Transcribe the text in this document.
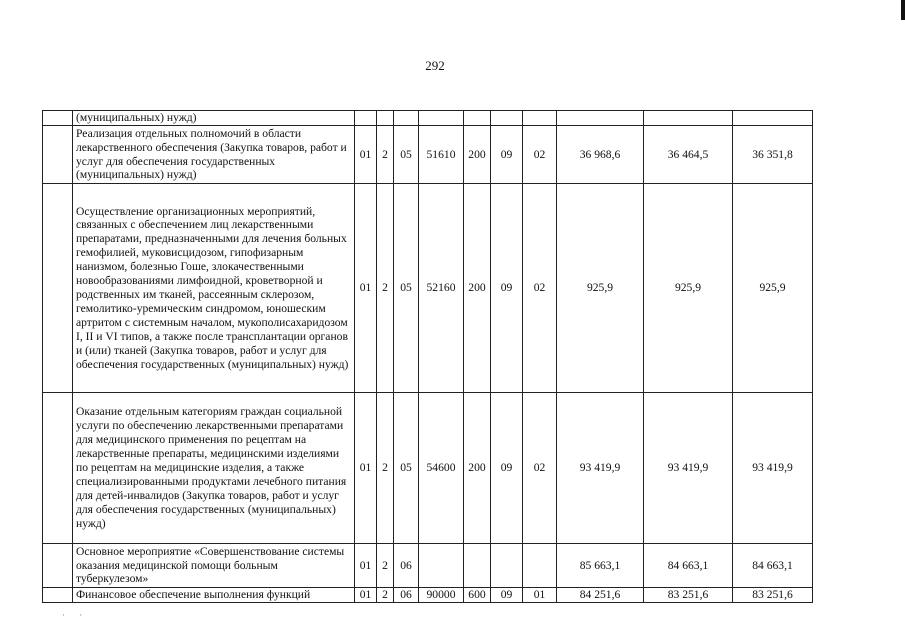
292
	(муниципальных) нужд)										
	Реализация отдельных полномочий в области лекарственного обеспечения (Закупка товаров, работ и услуг для обеспечения государственных (муниципальных) нужд)	01	2	05	51610	200	09	02	36 968,6	36 464,5	36 351,8
	Осуществление организационных мероприятий, связанных с обеспечением лиц лекарственными препаратами, предназначенными для лечения больных гемофилией, муковисцидозом, гипофизарным нанизмом, болезнью Гоше, злокачественными новообразованиями лимфоидной, кроветворной и родственных им тканей, рассеянным склерозом, гемолитико-уремическим синдромом, юношеским артритом с системным началом, мукополисахаридозом I, II и VI типов, а также после трансплантации органов и (или) тканей (Закупка товаров, работ и услуг для обеспечения государственных (муниципальных) нужд)	01	2	05	52160	200	09	02	925,9	925,9	925,9
	Оказание отдельным категориям граждан социальной услуги по обеспечению лекарственными препаратами для медицинского применения по рецептам на лекарственные препараты, медицинскими изделиями по рецептам на медицинские изделия, а также специализированными продуктами лечебного питания для детей-инвалидов (Закупка товаров, работ и услуг для обеспечения государственных (муниципальных) нужд)	01	2	05	54600	200	09	02	93 419,9	93 419,9	93 419,9
	Основное мероприятие «Совершенствование системы оказания медицинской помощи больным туберкулезом»	01	2	06					85 663,1	84 663,1	84 663,1
	Финансовое обеспечение выполнения функций	01	2	06	90000	600	09	01	84 251,6	83 251,6	83 251,6
· ·
